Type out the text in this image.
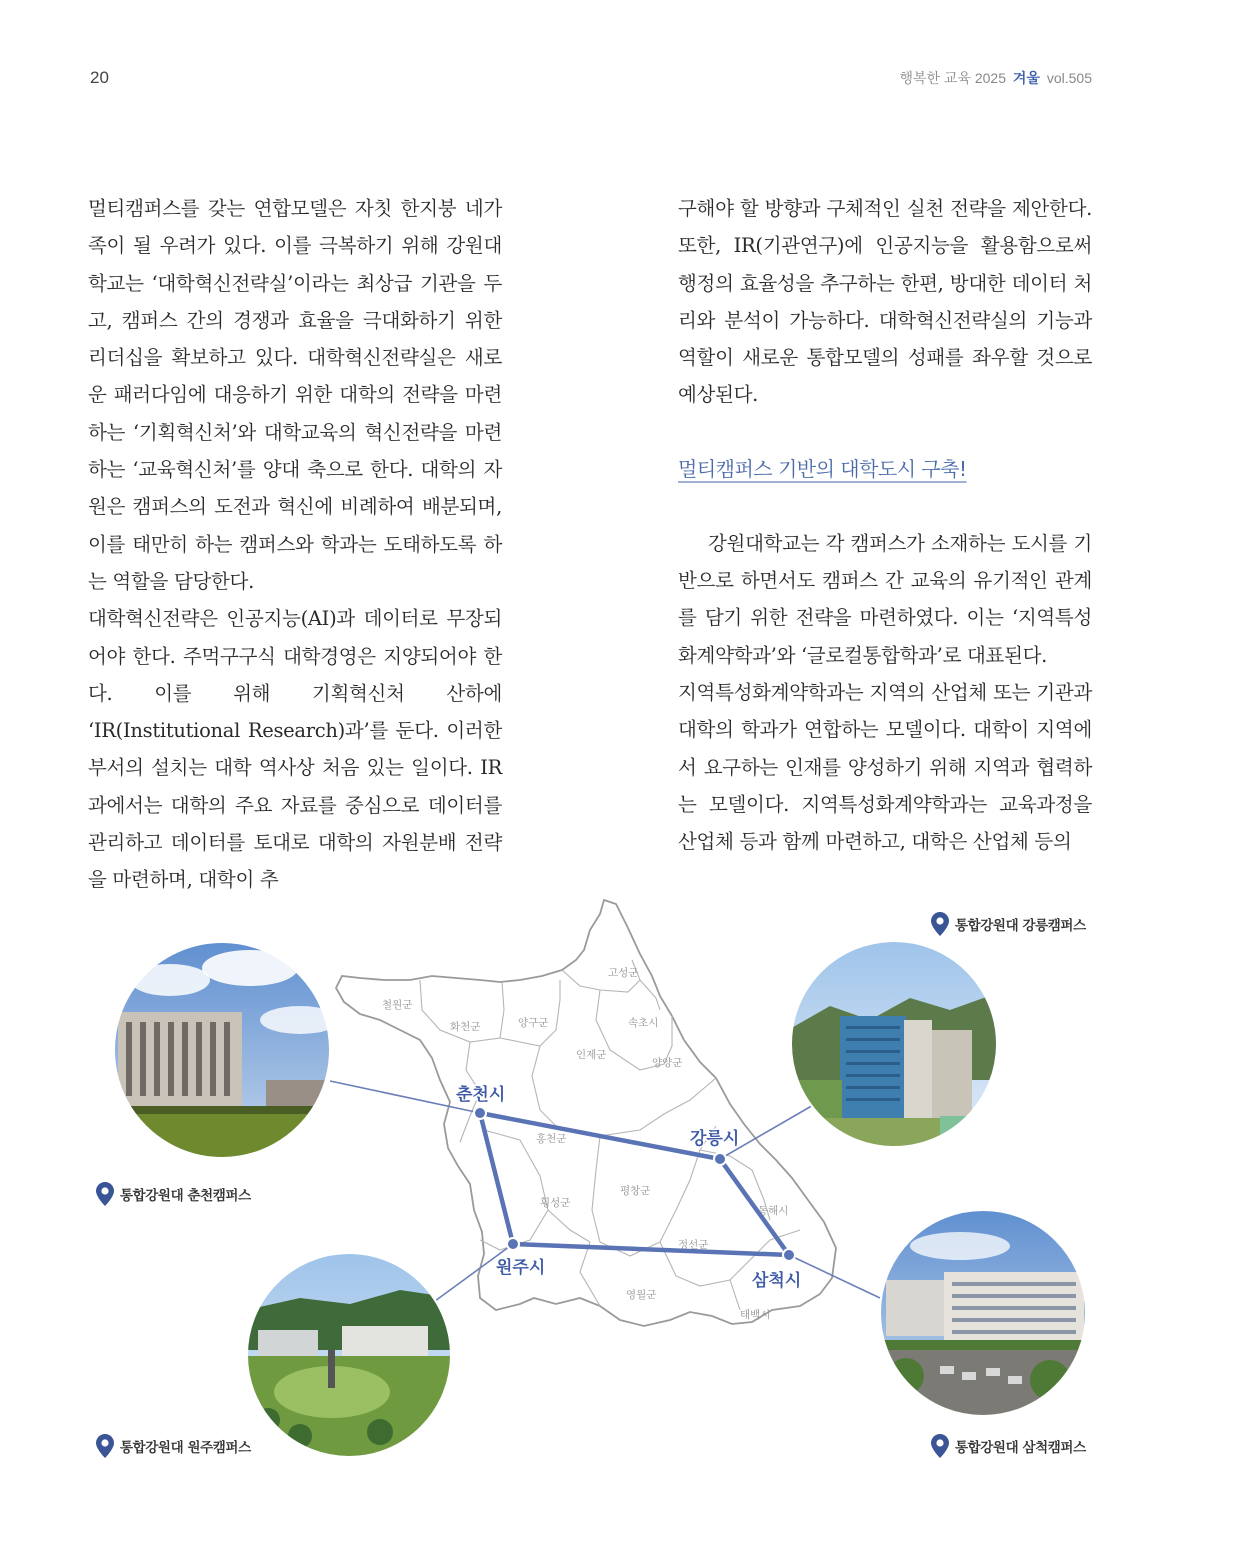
20	행복한 교육 2025 겨울 vol.505

멀티캠퍼스를 갖는 연합모델은 자칫 한지붕 네가족이 될 우려가 있다. 이를 극복하기 위해 강원대학교는 ‘대학혁신전략실’이라는 최상급 기관을 두고, 캠퍼스 간의 경쟁과 효율을 극대화하기 위한 리더십을 확보하고 있다. 대학혁신전략실은 새로운 패러다임에 대응하기 위한 대학의 전략을 마련하는 ‘기획혁신처’와 대학교육의 혁신전략을 마련하는 ‘교육혁신처’를 양대 축으로 한다. 대학의 자원은 캠퍼스의 도전과 혁신에 비례하여 배분되며, 이를 태만히 하는 캠퍼스와 학과는 도태하도록 하는 역할을 담당한다.

대학혁신전략은 인공지능(AI)과 데이터로 무장되어야 한다. 주먹구구식 대학경영은 지양되어야 한다. 이를 위해 기획혁신처 산하에 ‘IR(Institutional Research)과’를 둔다. 이러한 부서의 설치는 대학 역사상 처음 있는 일이다. IR과에서는 대학의 주요 자료를 중심으로 데이터를 관리하고 데이터를 토대로 대학의 자원분배 전략을 마련하며, 대학이 추

구해야 할 방향과 구체적인 실천 전략을 제안한다. 또한, IR(기관연구)에 인공지능을 활용함으로써 행정의 효율성을 추구하는 한편, 방대한 데이터 처리와 분석이 가능하다. 대학혁신전략실의 기능과 역할이 새로운 통합모델의 성패를 좌우할 것으로 예상된다.

멀티캠퍼스 기반의 대학도시 구축!

강원대학교는 각 캠퍼스가 소재하는 도시를 기반으로 하면서도 캠퍼스 간 교육의 유기적인 관계를 담기 위한 전략을 마련하였다. 이는 ‘지역특성화계약학과’와 ‘글로컬통합학과’로 대표된다.

지역특성화계약학과는 지역의 산업체 또는 기관과 대학의 학과가 연합하는 모델이다. 대학이 지역에서 요구하는 인재를 양성하기 위해 지역과 협력하는 모델이다. 지역특성화계약학과는 교육과정을 산업체 등과 함께 마련하고, 대학은 산업체 등의

고성군
철원군
화천군	양구군	속초시
인제군
양양군
홍천군
횡성군
평창군
동해시
정선군
영월군
태백시
춘천시
강릉시
원주시
삼척시
통합강원대 강릉캠퍼스
통합강원대 춘천캠퍼스
통합강원대 원주캠퍼스	통합강원대 삼척캠퍼스
